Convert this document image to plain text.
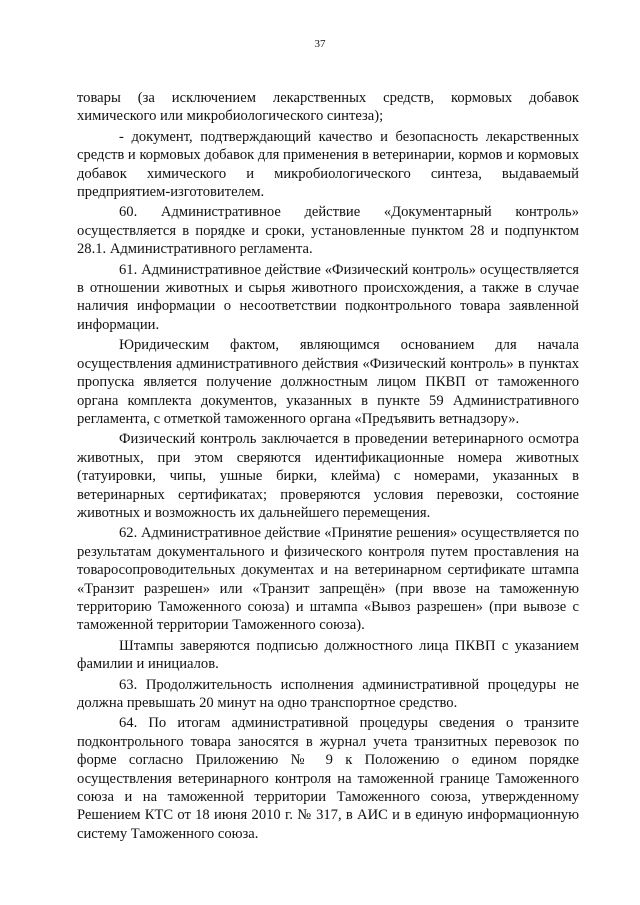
37

товары (за исключением лекарственных средств, кормовых добавок химического или микробиологического синтеза);

- документ, подтверждающий качество и безопасность лекарственных средств и кормовых добавок для применения в ветеринарии, кормов и кормовых добавок химического и микробиологического синтеза, выдаваемый предприятием-изготовителем.

60. Административное действие «Документарный контроль» осуществляется в порядке и сроки, установленные пунктом 28 и подпунктом 28.1. Административного регламента.

61. Административное действие «Физический контроль» осуществляется в отношении животных и сырья животного происхождения, а также в случае наличия информации о несоответствии подконтрольного товара заявленной информации.

Юридическим фактом, являющимся основанием для начала осуществления административного действия «Физический контроль» в пунктах пропуска является получение должностным лицом ПКВП от таможенного органа комплекта документов, указанных в пункте 59 Административного регламента, с отметкой таможенного органа «Предъявить ветнадзору».

Физический контроль заключается в проведении ветеринарного осмотра животных, при этом сверяются идентификационные номера животных (татуировки, чипы, ушные бирки, клейма) с номерами, указанных в ветеринарных сертификатах; проверяются условия перевозки, состояние животных и возможность их дальнейшего перемещения.

62. Административное действие «Принятие решения» осуществляется по результатам документального и физического контроля путем проставления на товаросопроводительных документах и на ветеринарном сертификате штампа «Транзит разрешен» или «Транзит запрещён» (при ввозе на таможенную территорию Таможенного союза) и штампа «Вывоз разрешен» (при вывозе с таможенной территории Таможенного союза).

Штампы заверяются подписью должностного лица ПКВП с указанием фамилии и инициалов.

63. Продолжительность исполнения административной процедуры не должна превышать 20 минут на одно транспортное средство.

64. По итогам административной процедуры сведения о транзите подконтрольного товара заносятся в журнал учета транзитных перевозок по форме согласно Приложению № 9 к Положению о едином порядке осуществления ветеринарного контроля на таможенной границе Таможенного союза и на таможенной территории Таможенного союза, утвержденному Решением КТС от 18 июня 2010 г. № 317, в АИС и в единую информационную систему Таможенного союза.
